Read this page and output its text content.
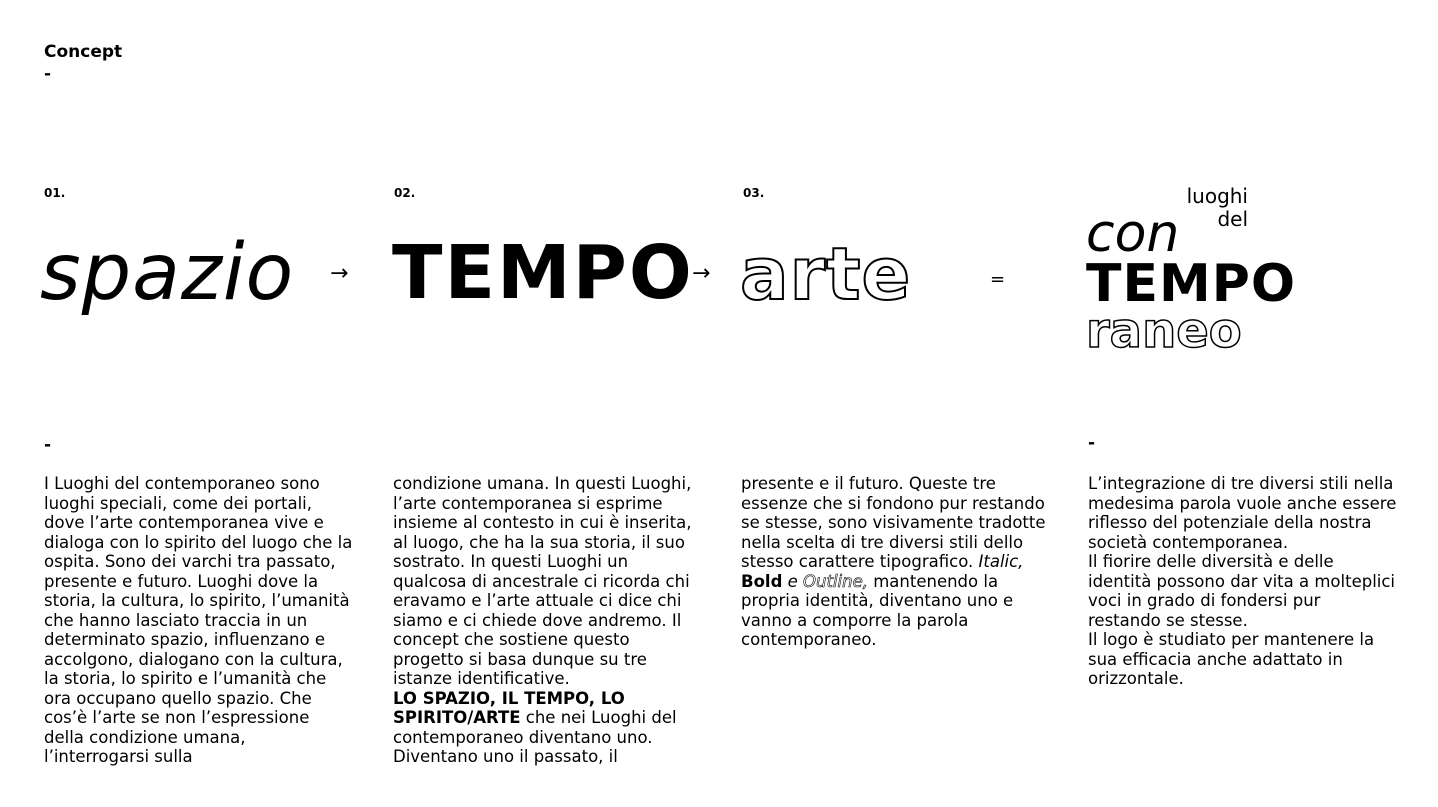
Concept
-
01.	02.	03.
spazio → TEMPO
→ arte	=
luoghi
del
con
TEMPO
raneo
-	-

I Luoghi del contemporaneo sono luoghi speciali, come dei portali, dove l’arte contemporanea vive e dialoga con lo spirito del luogo che la ospita. Sono dei varchi tra passato, presente e futuro. Luoghi dove la storia, la cultura, lo spirito, l’umanità che hanno lasciato traccia in un determinato spazio, influenzano e accolgono, dialogano con la cultura, la storia, lo spirito e l’umanità che ora occupano quello spazio. Che cos’è l’arte se non l’espressione della condizione umana, l’interrogarsi sulla

condizione umana. In questi Luoghi, l’arte contemporanea si esprime insieme al contesto in cui è inserita, al luogo, che ha la sua storia, il suo sostrato. In questi Luoghi un qualcosa di ancestrale ci ricorda chi eravamo e l’arte attuale ci dice chi siamo e ci chiede dove andremo. Il concept che sostiene questo progetto si basa dunque su tre istanze identificative.
LO SPAZIO, IL TEMPO, LO SPIRITO/ARTE che nei Luoghi del contemporaneo diventano uno. Diventano uno il passato, il

presente e il futuro. Queste tre essenze che si fondono pur restando se stesse, sono visivamente tradotte nella scelta di tre diversi stili dello stesso carattere tipografico. Italic, Bold e Outline, mantenendo la propria identità, diventano uno e vanno a comporre la parola contemporaneo.

L’integrazione di tre diversi stili nella medesima parola vuole anche essere riflesso del potenziale della nostra società contemporanea.

Il fiorire delle diversità e delle identità possono dar vita a molteplici voci in grado di fondersi pur restando se stesse.

Il logo è studiato per mantenere la sua efficacia anche adattato in orizzontale.
